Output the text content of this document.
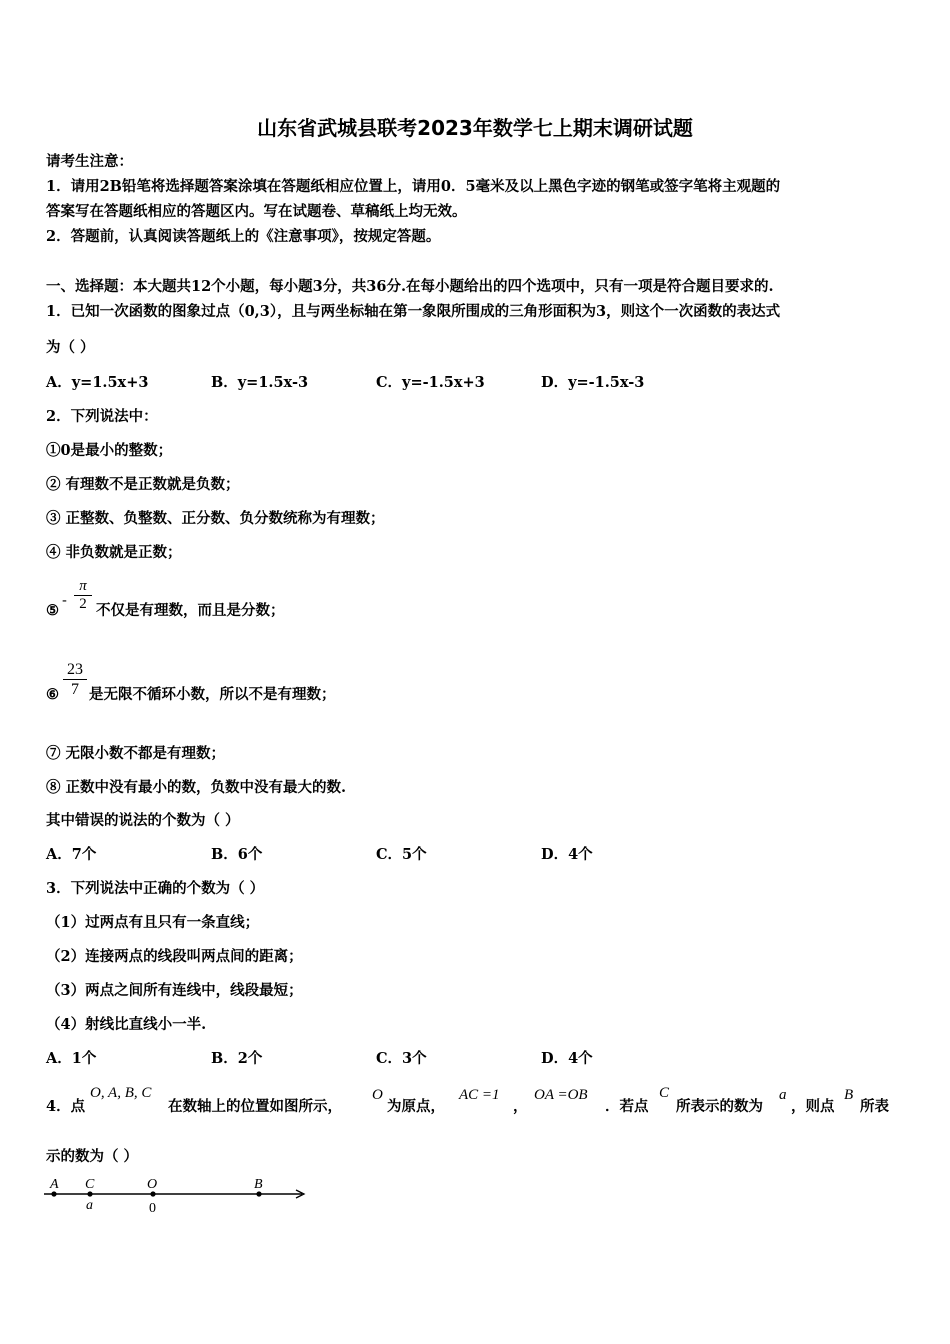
山东省武城县联考2023年数学七上期末调研试题
请考生注意：
1．请用2B铅笔将选择题答案涂填在答题纸相应位置上，请用0．5毫米及以上黑色字迹的钢笔或签字笔将主观题的
答案写在答题纸相应的答题区内。写在试题卷、草稿纸上均无效。
2．答题前，认真阅读答题纸上的《注意事项》，按规定答题。
一、选择题：本大题共12个小题，每小题3分，共36分.在每小题给出的四个选项中，只有一项是符合题目要求的.
1．已知一次函数的图象过点（0,3），且与两坐标轴在第一象限所围成的三角形面积为3，则这个一次函数的表达式
为（ ）
A．y=1.5x+3	B．y=1.5x-3	C．y=-1.5x+3	D．y=-1.5x-3
2．下列说法中：
①0是最小的整数；
② 有理数不是正数就是负数；
③ 正整数、负整数、正分数、负分数统称为有理数；
④ 非负数就是正数；
⑤
-
π
2 不仅是有理数，而且是分数；
⑥
23
7 是无限不循环小数，所以不是有理数；
⑦ 无限小数不都是有理数；
⑧ 正数中没有最小的数，负数中没有最大的数.
其中错误的说法的个数为（ ）
A．7个	B．6个	C．5个	D．4个
3．下列说法中正确的个数为（ ）
（1）过两点有且只有一条直线；
（2）连接两点的线段叫两点间的距离；
（3）两点之间所有连线中，线段最短；
（4）射线比直线小一半.
A．1个	B．2个	C．3个	D．4个
4．点
O, A, B, C
在数轴上的位置如图所示，
O
为原点，
AC =1
，
OA =OB
．若点
C
所表示的数为
a
，则点
B
所表
示的数为（ ）
A C	O	B
a	0
